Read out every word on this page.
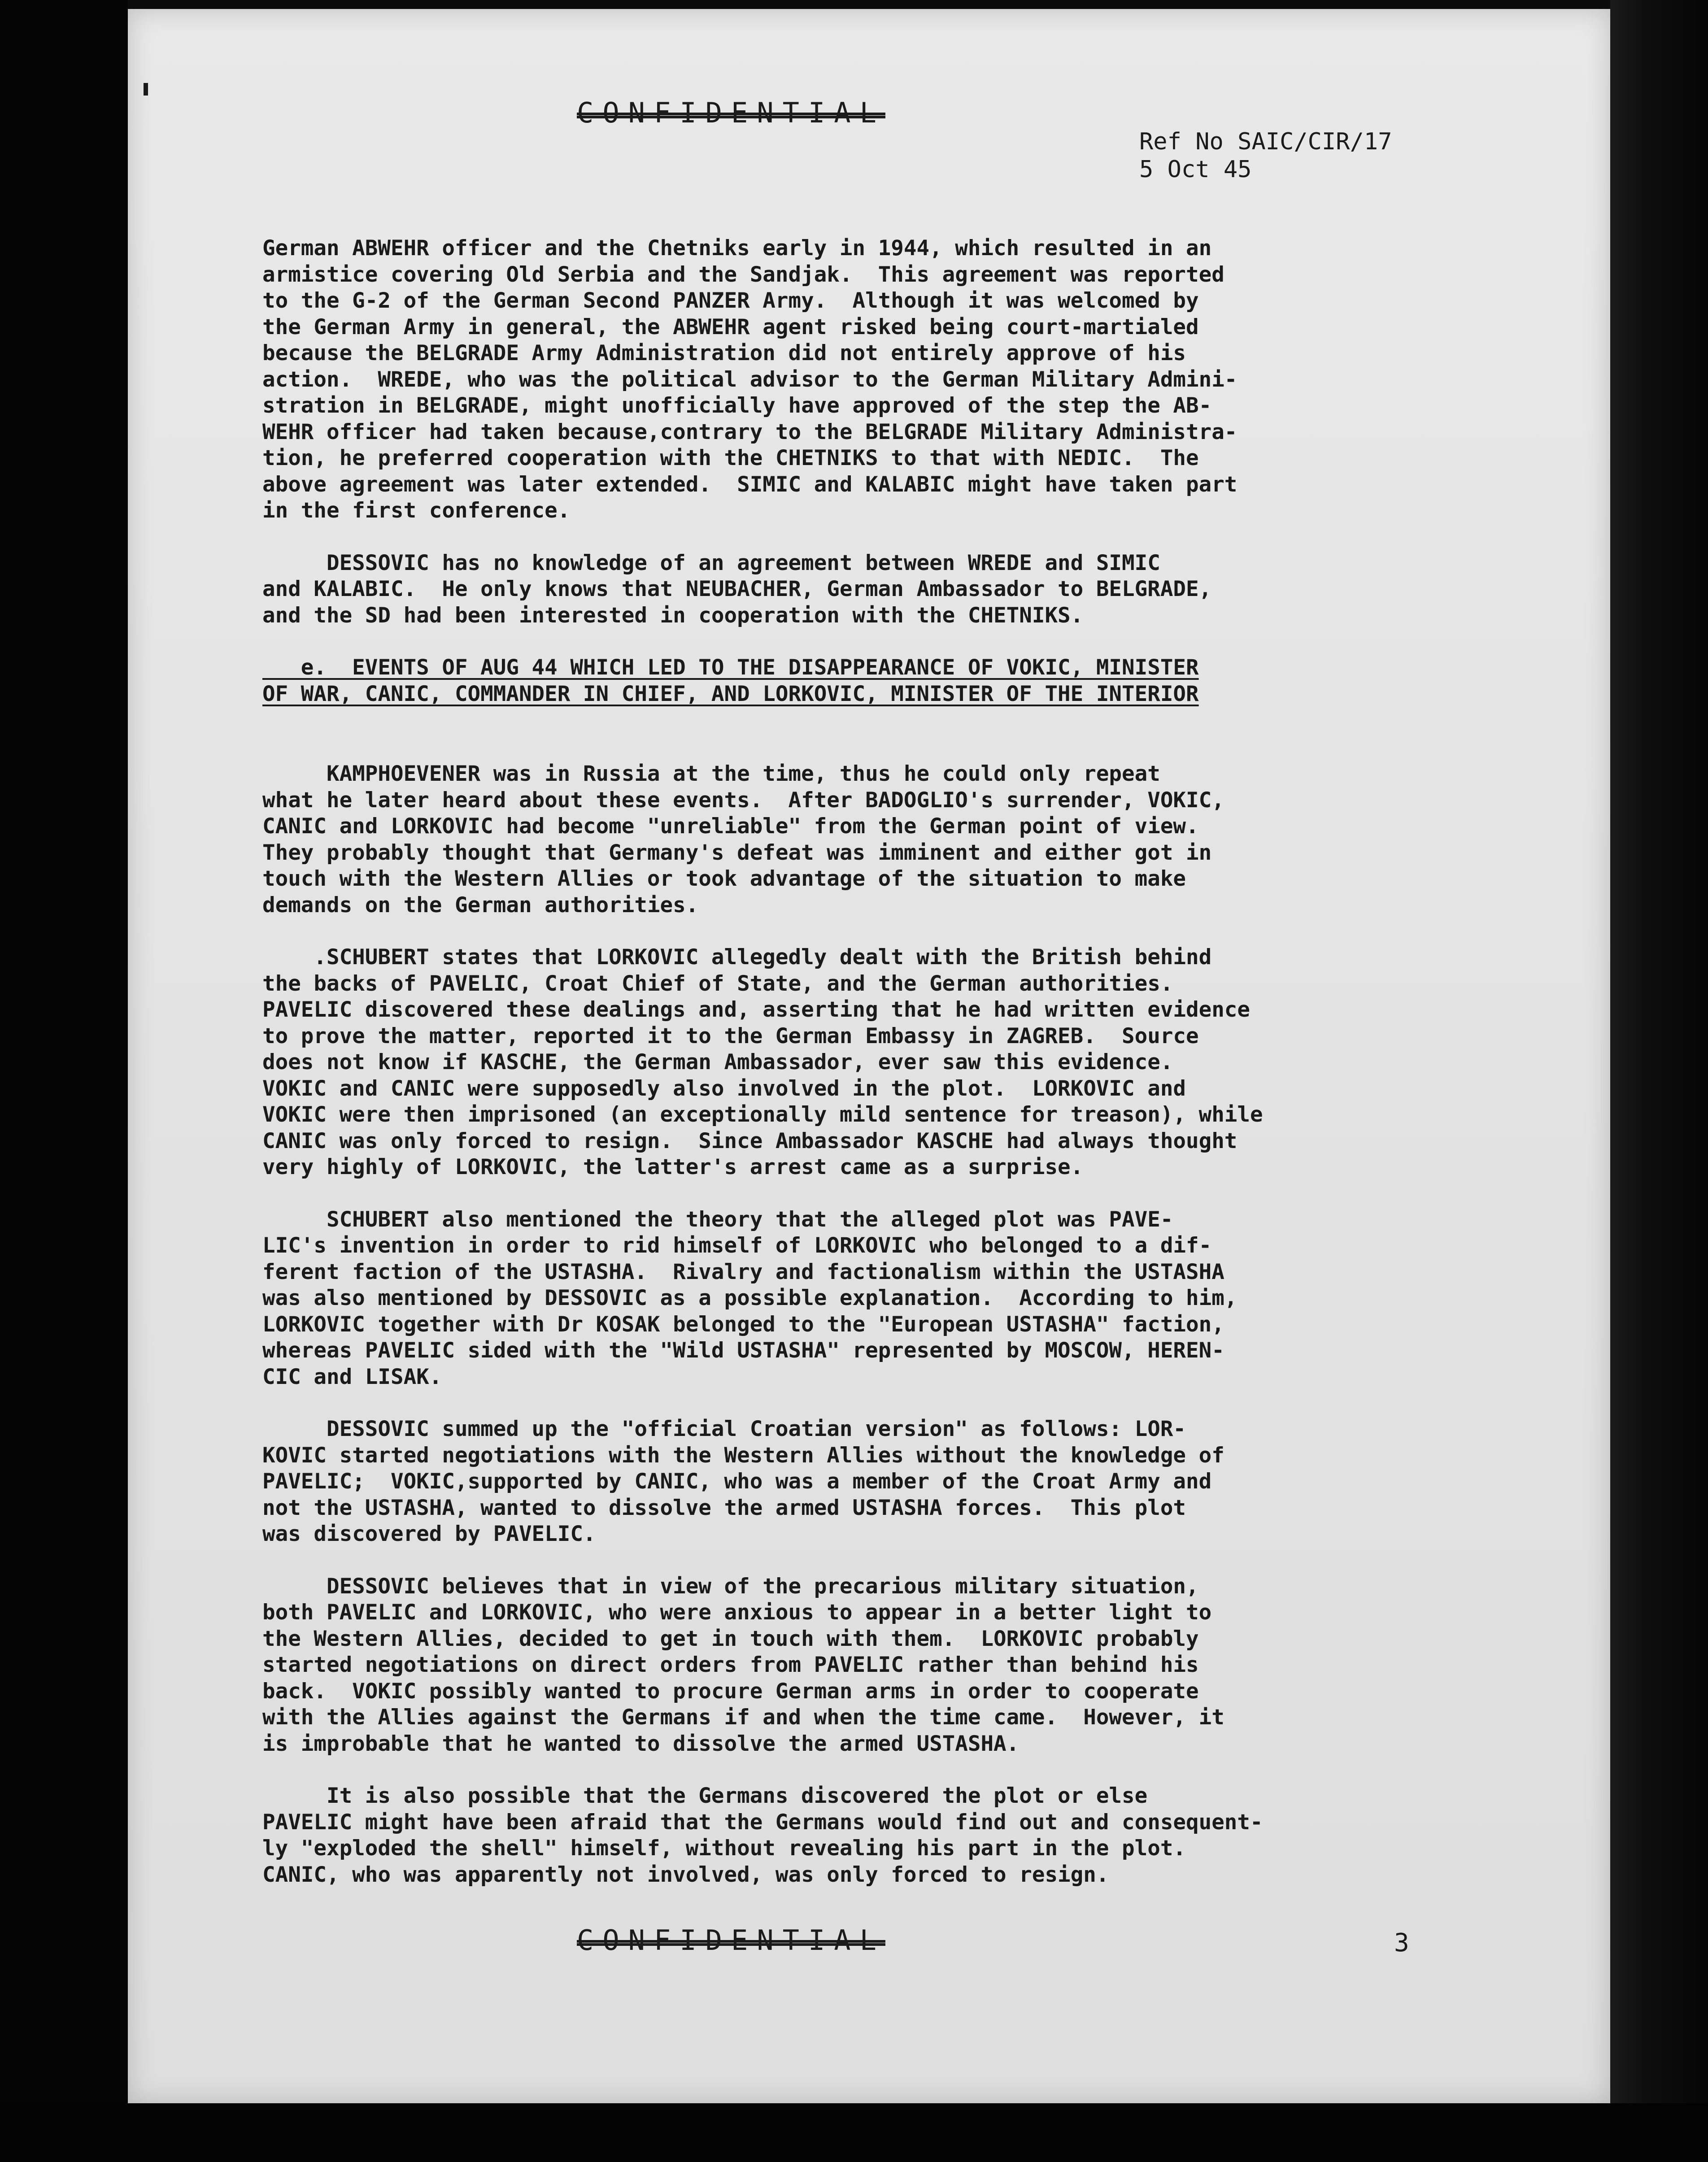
CONFIDENTIAL
Ref No SAIC/CIR/17
5 Oct 45
German ABWEHR officer and the Chetniks early in 1944, which resulted in an
armistice covering Old Serbia and the Sandjak.  This agreement was reported
to the G-2 of the German Second PANZER Army.  Although it was welcomed by
the German Army in general, the ABWEHR agent risked being court-martialed
because the BELGRADE Army Administration did not entirely approve of his
action.  WREDE, who was the political advisor to the German Military Admini-
stration in BELGRADE, might unofficially have approved of the step the AB-
WEHR officer had taken because,contrary to the BELGRADE Military Administra-
tion, he preferred cooperation with the CHETNIKS to that with NEDIC.  The
above agreement was later extended.  SIMIC and KALABIC might have taken part
in the first conference.
DESSOVIC has no knowledge of an agreement between WREDE and SIMIC
and KALABIC.  He only knows that NEUBACHER, German Ambassador to BELGRADE,
and the SD had been interested in cooperation with the CHETNIKS.
e.  EVENTS OF AUG 44 WHICH LED TO THE DISAPPEARANCE OF VOKIC, MINISTER
OF WAR, CANIC, COMMANDER IN CHIEF, AND LORKOVIC, MINISTER OF THE INTERIOR
KAMPHOEVENER was in Russia at the time, thus he could only repeat
what he later heard about these events.  After BADOGLIO's surrender, VOKIC,
CANIC and LORKOVIC had become "unreliable" from the German point of view.
They probably thought that Germany's defeat was imminent and either got in
touch with the Western Allies or took advantage of the situation to make
demands on the German authorities.
.SCHUBERT states that LORKOVIC allegedly dealt with the British behind
the backs of PAVELIC, Croat Chief of State, and the German authorities.
PAVELIC discovered these dealings and, asserting that he had written evidence
to prove the matter, reported it to the German Embassy in ZAGREB.  Source
does not know if KASCHE, the German Ambassador, ever saw this evidence.
VOKIC and CANIC were supposedly also involved in the plot.  LORKOVIC and
VOKIC were then imprisoned (an exceptionally mild sentence for treason), while
CANIC was only forced to resign.  Since Ambassador KASCHE had always thought
very highly of LORKOVIC, the latter's arrest came as a surprise.
SCHUBERT also mentioned the theory that the alleged plot was PAVE-
LIC's invention in order to rid himself of LORKOVIC who belonged to a dif-
ferent faction of the USTASHA.  Rivalry and factionalism within the USTASHA
was also mentioned by DESSOVIC as a possible explanation.  According to him,
LORKOVIC together with Dr KOSAK belonged to the "European USTASHA" faction,
whereas PAVELIC sided with the "Wild USTASHA" represented by MOSCOW, HEREN-
CIC and LISAK.
DESSOVIC summed up the "official Croatian version" as follows: LOR-
KOVIC started negotiations with the Western Allies without the knowledge of
PAVELIC;  VOKIC,supported by CANIC, who was a member of the Croat Army and
not the USTASHA, wanted to dissolve the armed USTASHA forces.  This plot
was discovered by PAVELIC.
DESSOVIC believes that in view of the precarious military situation,
both PAVELIC and LORKOVIC, who were anxious to appear in a better light to
the Western Allies, decided to get in touch with them.  LORKOVIC probably
started negotiations on direct orders from PAVELIC rather than behind his
back.  VOKIC possibly wanted to procure German arms in order to cooperate
with the Allies against the Germans if and when the time came.  However, it
is improbable that he wanted to dissolve the armed USTASHA.
It is also possible that the Germans discovered the plot or else
PAVELIC might have been afraid that the Germans would find out and consequent-
ly "exploded the shell" himself, without revealing his part in the plot.
CANIC, who was apparently not involved, was only forced to resign.
CONFIDENTIAL	3
